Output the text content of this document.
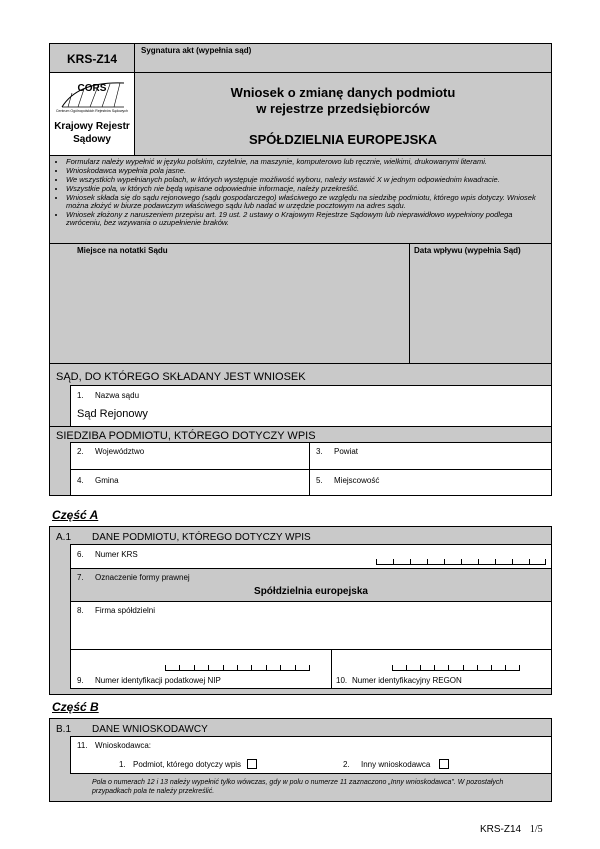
KRS-Z14
Sygnatura akt (wypełnia sąd)
CORS
Centrum Ogólnopolskich Rejestrów Sądowych
Krajowy Rejestr
Sądowy
Wniosek o zmianę danych podmiotu
w rejestrze przedsiębiorców
SPÓŁDZIELNIA EUROPEJSKA
• Formularz należy wypełnić w języku polskim, czytelnie, na maszynie, komputerowo lub ręcznie, wielkimi, drukowanymi literami.
• Wnioskodawca wypełnia pola jasne.
• We wszystkich wypełnianych polach, w których występuje możliwość wyboru, należy wstawić X w jednym odpowiednim kwadracie.
• Wszystkie pola, w których nie będą wpisane odpowiednie informacje, należy przekreślić.
• Wniosek składa się do sądu rejonowego (sądu gospodarczego) właściwego ze względu na siedzibę podmiotu, którego wpis dotyczy. Wniosek można złożyć w biurze podawczym właściwego sądu lub nadać w urzędzie pocztowym na adres sądu.
• Wniosek złożony z naruszeniem przepisu art. 19 ust. 2 ustawy o Krajowym Rejestrze Sądowym lub nieprawidłowo wypełniony podlega zwróceniu, bez wzywania o uzupełnienie braków.
Miejsce na notatki Sądu	Data wpływu (wypełnia Sąd)
SĄD, DO KTÓREGO SKŁADANY JEST WNIOSEK
1. Nazwa sądu
Sąd Rejonowy
SIEDZIBA PODMIOTU, KTÓREGO DOTYCZY WPIS
2. Województwo	3. Powiat
4. Gmina	5. Miejscowość
Część A
A.1 DANE PODMIOTU, KTÓREGO DOTYCZY WPIS
6. Numer KRS
7. Oznaczenie formy prawnej
Spółdzielnia europejska
8. Firma spółdzielni
9. Numer identyfikacji podatkowej NIP	10. Numer identyfikacyjny REGON
Część B
B.1 DANE WNIOSKODAWCY
11. Wnioskodawca:
1. Podmiot, którego dotyczy wpis	2. Inny wnioskodawca
Pola o numerach 12 i 13 należy wypełnić tylko wówczas, gdy w polu o numerze 11 zaznaczono „Inny wnioskodawca". W pozostałych przypadkach pola te należy przekreślić.
KRS-Z14 1/5
